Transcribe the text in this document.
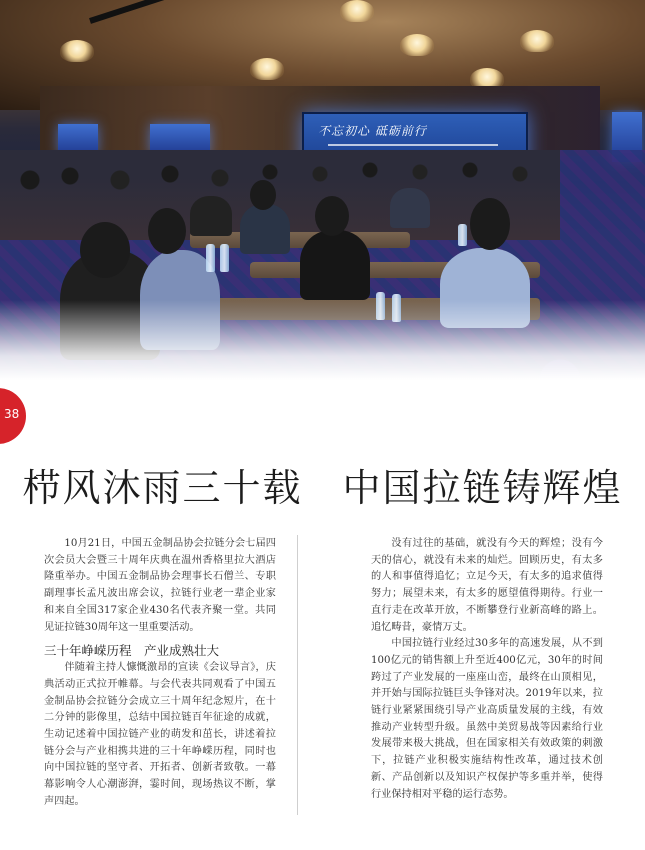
不忘初心 砥砺前行
38
栉风沐雨三十载　中国拉链铸辉煌

10月21日，中国五金制品协会拉链分会七届四次会员大会暨三十周年庆典在温州香格里拉大酒店隆重举办。中国五金制品协会理事长石僧兰、专职副理事长孟凡波出席会议，拉链行业老一辈企业家和来自全国317家企业430名代表齐聚一堂。共同见证拉链30周年这一里重要活动。

三十年峥嵘历程　产业成熟壮大

伴随着主持人慷慨激昂的宣读《会议导言》，庆典活动正式拉开帷幕。与会代表共同观看了中国五金制品协会拉链分会成立三十周年纪念短片，在十二分钟的影像里，总结中国拉链百年征途的成就，生动记述着中国拉链产业的萌发和茁长，讲述着拉链分会与产业相携共进的三十年峥嵘历程，同时也向中国拉链的坚守者、开拓者、创新者致敬。一幕幕影响令人心潮澎湃，霎时间，现场热议不断，掌声四起。

没有过往的基础，就没有今天的辉煌；没有今天的信心，就没有未来的灿烂。回顾历史，有太多的人和事值得追忆；立足今天，有太多的追求值得努力；展望未来，有太多的愿望值得期待。行业一直行走在改革开放，不断攀登行业新高峰的路上。追忆畴昔，豪情万丈。

中国拉链行业经过30多年的高速发展，从不到100亿元的销售额上升至近400亿元，30年的时间跨过了产业发展的一座座山峦，最终在山顶相见，并开始与国际拉链巨头争锋对决。2019年以来，拉链行业紧紧围绕引导产业高质量发展的主线，有效推动产业转型升级。虽然中美贸易战等因素给行业发展带来极大挑战，但在国家相关有效政策的刺激下，拉链产业积极实施结构性改革，通过技术创新、产品创新以及知识产权保护等多重并举，使得行业保持相对平稳的运行态势。
